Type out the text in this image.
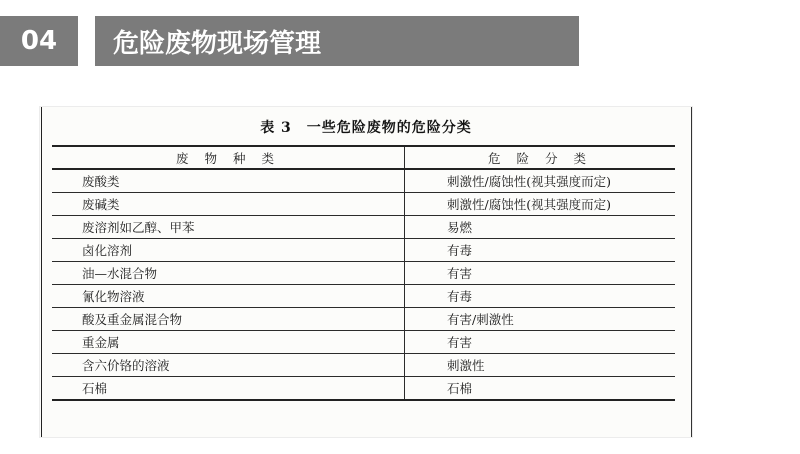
04 危险废物现场管理
表 3　一些危险废物的危险分类
废 物 种 类	危 险 分 类
废酸类	刺激性/腐蚀性(视其强度而定)
废碱类	刺激性/腐蚀性(视其强度而定)
废溶剂如乙醇、甲苯	易燃
卤化溶剂	有毒
油—水混合物	有害
氰化物溶液	有毒
酸及重金属混合物	有害/刺激性
重金属	有害
含六价铬的溶液	刺激性
石棉	石棉
